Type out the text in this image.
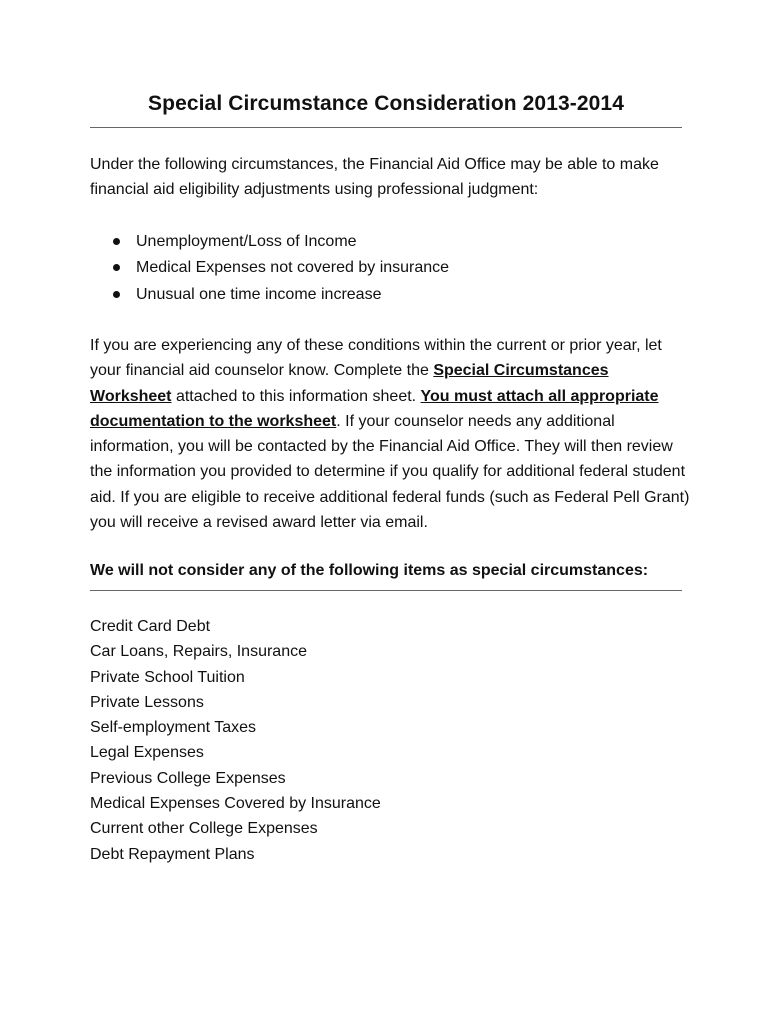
Special Circumstance Consideration 2013-2014

Under the following circumstances, the Financial Aid Office may be able to make financial aid eligibility adjustments using professional judgment:

Unemployment/Loss of Income
Medical Expenses not covered by insurance
Unusual one time income increase

If you are experiencing any of these conditions within the current or prior year, let your financial aid counselor know. Complete the Special Circumstances Worksheet attached to this information sheet. You must attach all appropriate documentation to the worksheet. If your counselor needs any additional information, you will be contacted by the Financial Aid Office. They will then review the information you provided to determine if you qualify for additional federal student aid. If you are eligible to receive additional federal funds (such as Federal Pell Grant) you will receive a revised award letter via email.

We will not consider any of the following items as special circumstances:

Credit Card Debt
Car Loans, Repairs, Insurance
Private School Tuition
Private Lessons
Self-employment Taxes
Legal Expenses
Previous College Expenses
Medical Expenses Covered by Insurance
Current other College Expenses
Debt Repayment Plans
